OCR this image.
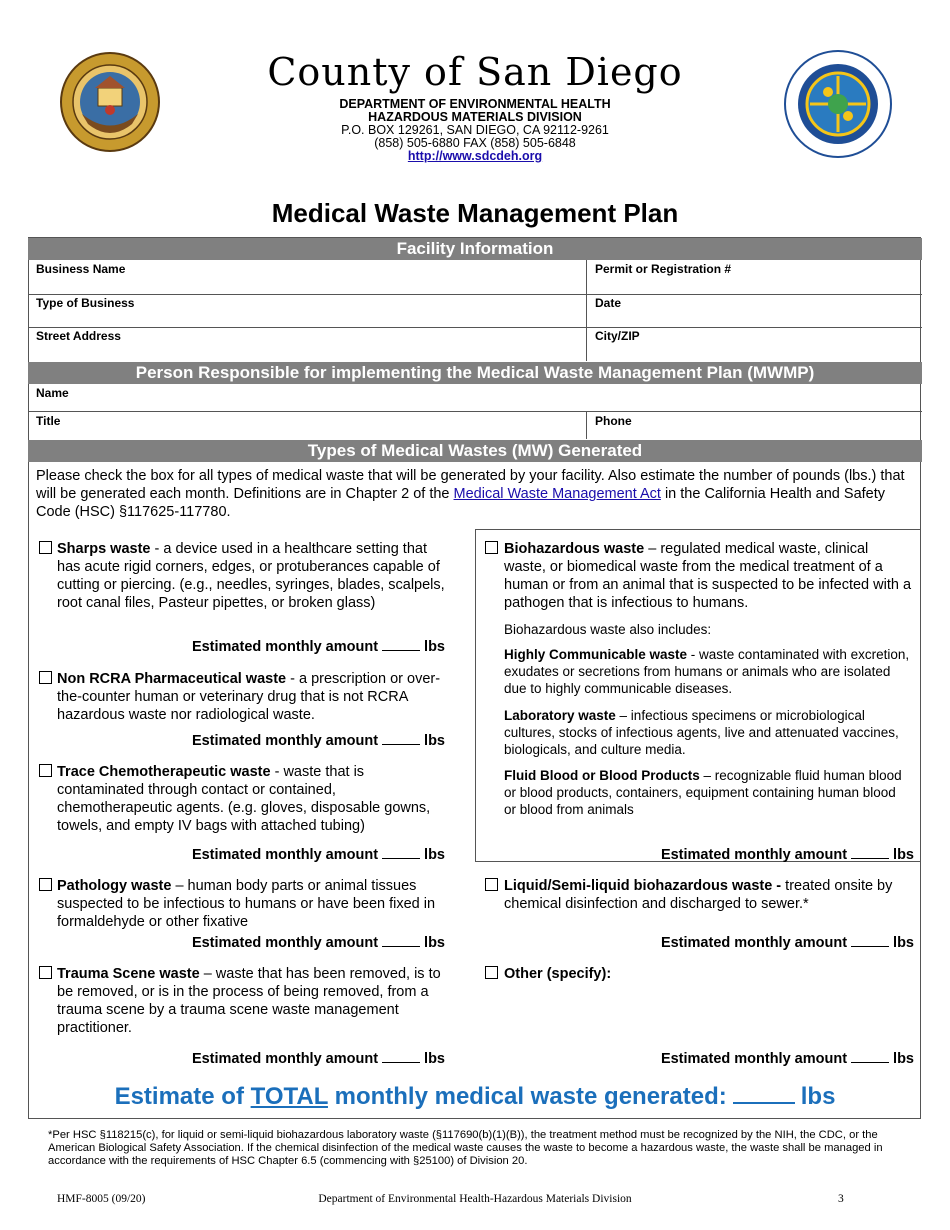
County of San Diego
DEPARTMENT OF ENVIRONMENTAL HEALTH
HAZARDOUS MATERIALS DIVISION
P.O. BOX 129261, SAN DIEGO, CA 92112-9261
(858) 505-6880 FAX (858) 505-6848
http://www.sdcdeh.org
Medical Waste Management Plan
Facility Information
Business Name	Permit or Registration #
Type of Business	Date
Street Address	City/ZIP
Person Responsible for implementing the Medical Waste Management Plan (MWMP)
Name
Title	Phone
Types of Medical Wastes (MW) Generated
Please check the box for all types of medical waste that will be generated by your facility. Also estimate the number of pounds (lbs.) that will be generated each month. Definitions are in Chapter 2 of the Medical Waste Management Act in the California Health and Safety Code (HSC) §117625-117780.
Sharps waste - a device used in a healthcare setting that has acute rigid corners, edges, or protuberances capable of cutting or piercing. (e.g., needles, syringes, blades, scalpels, root canal files, Pasteur pipettes, or broken glass)
Estimated monthly amount	lbs
Non RCRA Pharmaceutical waste - a prescription or over-the-counter human or veterinary drug that is not RCRA hazardous waste nor radiological waste.
Estimated monthly amount	lbs
Trace Chemotherapeutic waste - waste that is contaminated through contact or contained, chemotherapeutic agents. (e.g. gloves, disposable gowns, towels, and empty IV bags with attached tubing)
Estimated monthly amount	lbs
Pathology waste – human body parts or animal tissues suspected to be infectious to humans or have been fixed in formaldehyde or other fixative
Estimated monthly amount	lbs
Trauma Scene waste – waste that has been removed, is to be removed, or is in the process of being removed, from a trauma scene by a trauma scene waste management practitioner.
Estimated monthly amount	lbs
Biohazardous waste – regulated medical waste, clinical waste, or biomedical waste from the medical treatment of a human or from an animal that is suspected to be infected with a pathogen that is infectious to humans.
Biohazardous waste also includes:
Highly Communicable waste - waste contaminated with excretion, exudates or secretions from humans or animals who are isolated due to highly communicable diseases.
Laboratory waste – infectious specimens or microbiological cultures, stocks of infectious agents, live and attenuated vaccines, biologicals, and culture media.
Fluid Blood or Blood Products – recognizable fluid human blood or blood products, containers, equipment containing human blood or blood from animals
Estimated monthly amount	lbs
Liquid/Semi-liquid biohazardous waste - treated onsite by chemical disinfection and discharged to sewer.*
Estimated monthly amount	lbs
Other (specify):
Estimated monthly amount	lbs
Estimate of TOTAL monthly medical waste generated:	lbs
*Per HSC §118215(c), for liquid or semi-liquid biohazardous laboratory waste (§117690(b)(1)(B)), the treatment method must be recognized by the NIH, the CDC, or the American Biological Safety Association. If the chemical disinfection of the medical waste causes the waste to become a hazardous waste, the waste shall be managed in accordance with the requirements of HSC Chapter 6.5 (commencing with §25100) of Division 20.
HMF-8005 (09/20)	Department of Environmental Health-Hazardous Materials Division	3
